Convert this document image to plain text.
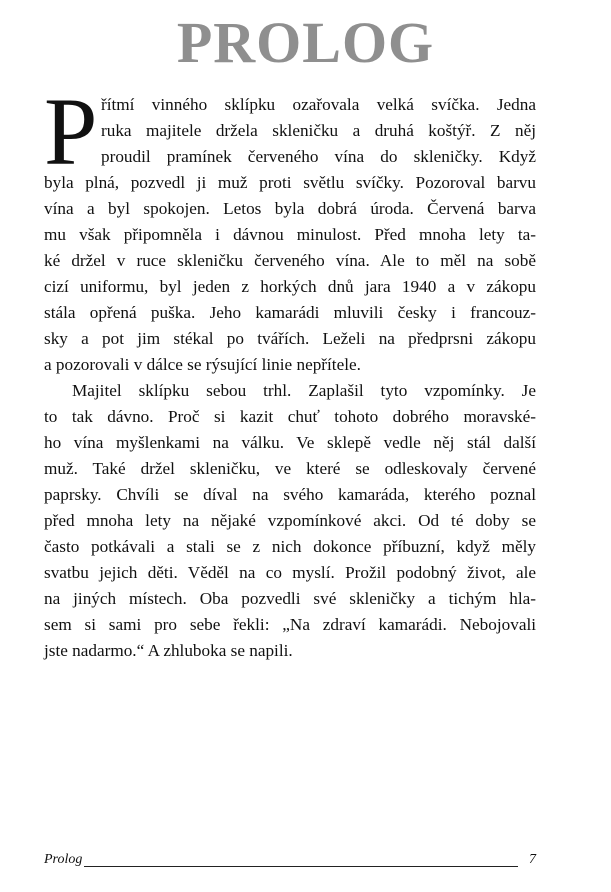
PROLOG
P řítmí vinného sklípku ozařovala velká svíčka. Jedna
ruka majitele držela skleničku a druhá koštýř. Z něj
proudil pramínek červeného vína do skleničky. Když
byla plná, pozvedl ji muž proti světlu svíčky. Pozoroval barvu
vína a byl spokojen. Letos byla dobrá úroda. Červená barva
mu však připomněla i dávnou minulost. Před mnoha lety ta-
ké držel v ruce skleničku červeného vína. Ale to měl na sobě
cizí uniformu, byl jeden z horkých dnů jara 1940 a v zákopu
stála opřená puška. Jeho kamarádi mluvili česky i francouz-
sky a pot jim stékal po tvářích. Leželi na předprsni zákopu
a pozorovali v dálce se rýsující linie nepřítele.
Majitel sklípku sebou trhl. Zaplašil tyto vzpomínky. Je
to tak dávno. Proč si kazit chuť tohoto dobrého moravské-
ho vína myšlenkami na válku. Ve sklepě vedle něj stál další
muž. Také držel skleničku, ve které se odleskovaly červené
paprsky. Chvíli se díval na svého kamaráda, kterého poznal
před mnoha lety na nějaké vzpomínkové akci. Od té doby se
často potkávali a stali se z nich dokonce příbuzní, když měly
svatbu jejich děti. Věděl na co myslí. Prožil podobný život, ale
na jiných místech. Oba pozvedli své skleničky a tichým hla-
sem si sami pro sebe řekli: „Na zdraví kamarádi. Nebojovali
jste nadarmo.“ A zhluboka se napili.
Prolog	7
